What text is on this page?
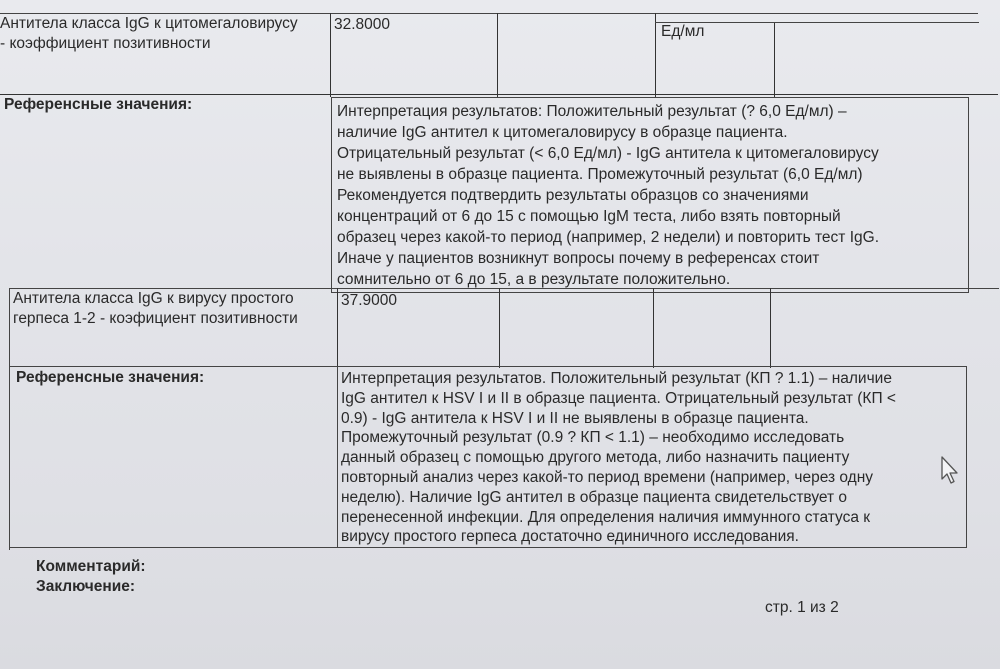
Антитела класса IgG к цитомегаловирусу
- коэффициент позитивности
32.8000	Ед/мл
Референсные значения:	Интерпретация результатов: Положительный результат (? 6,0 Ед/мл) –
наличие IgG антител к цитомегаловирусу в образце пациента.
Отрицательный результат (< 6,0 Ед/мл) - IgG антитела к цитомегаловирусу
не выявлены в образце пациента. Промежуточный результат (6,0 Ед/мл)
Рекомендуется подтвердить результаты образцов со значениями
концентраций от 6 до 15 с помощью IgM теста, либо взять повторный
образец через какой-то период (например, 2 недели) и повторить тест IgG.
Иначе у пациентов возникнут вопросы почему в референсах стоит
сомнительно от 6 до 15, а в результате положительно.
Антитела класса IgG к вирусу простого
герпеса 1-2 - коэфициент позитивности
37.9000
Референсные значения:	Интерпретация результатов. Положительный результат (КП ? 1.1) – наличие
IgG антител к HSV I и II в образце пациента. Отрицательный результат (КП <
0.9) - IgG антитела к HSV I и II не выявлены в образце пациента.
Промежуточный результат (0.9 ? КП < 1.1) – необходимо исследовать
данный образец с помощью другого метода, либо назначить пациенту
повторный анализ через какой-то период времени (например, через одну
неделю). Наличие IgG антител в образце пациента свидетельствует о
перенесенной инфекции. Для определения наличия иммунного статуса к
вирусу простого герпеса достаточно единичного исследования.
Комментарий:
Заключение:
стр. 1 из 2
